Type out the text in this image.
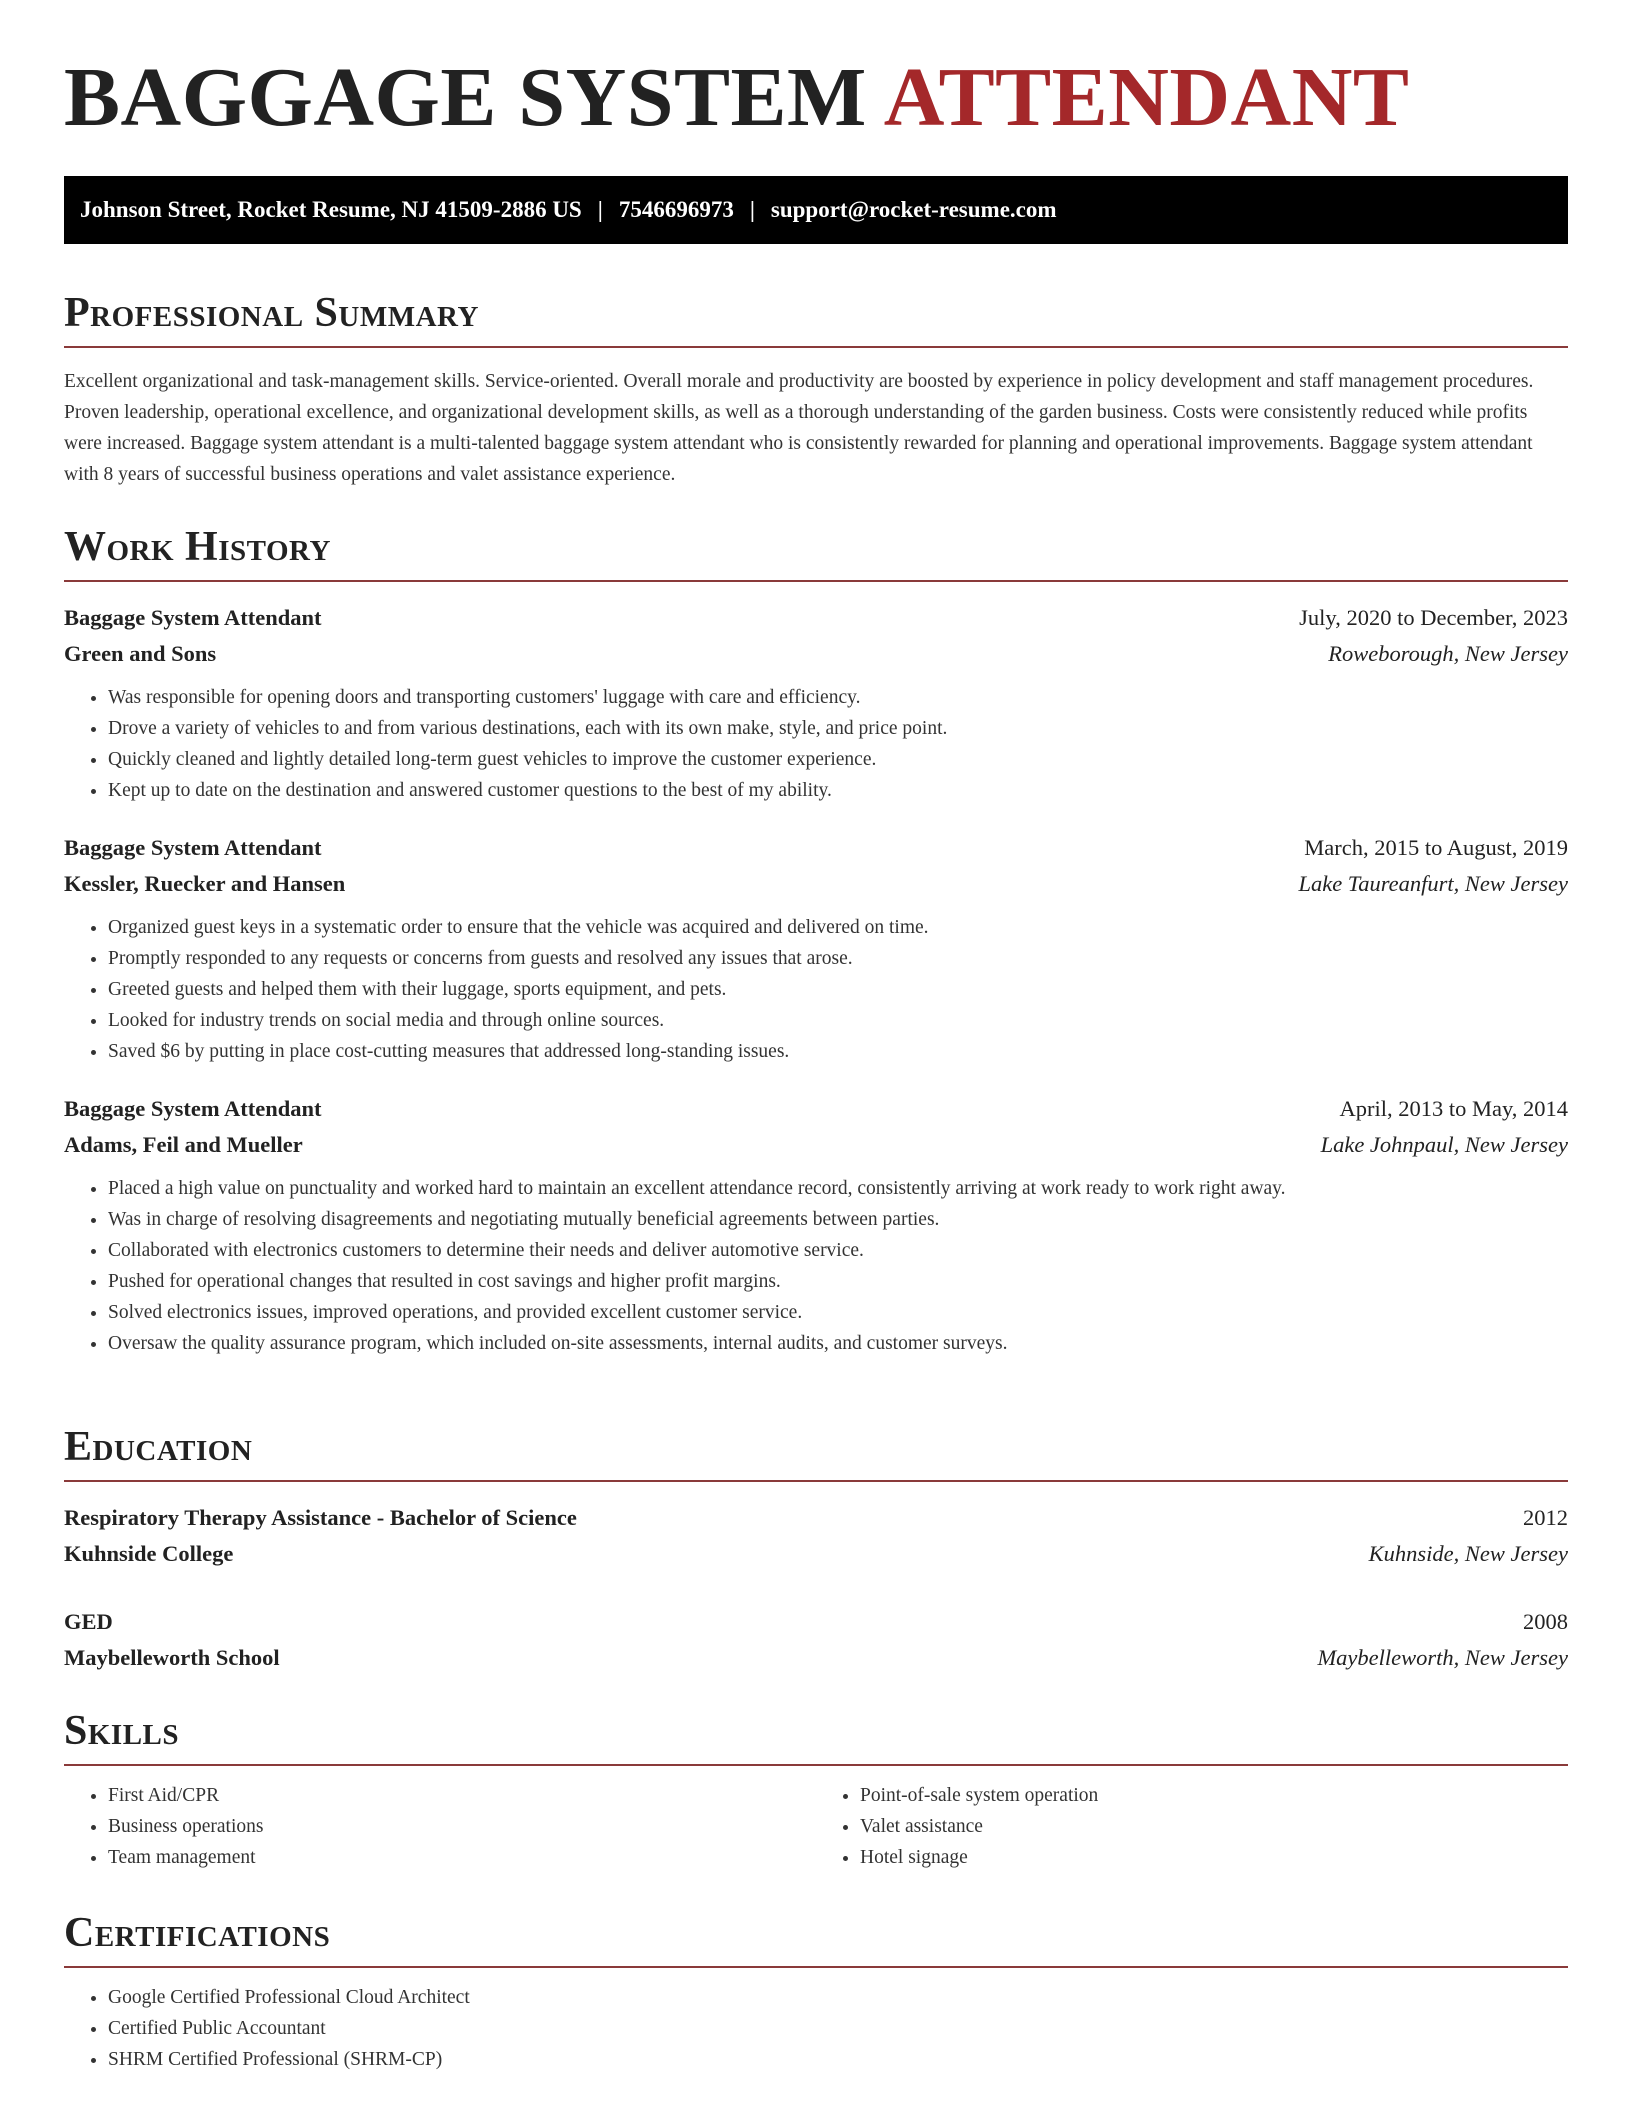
BAGGAGE SYSTEM ATTENDANT
Johnson Street, Rocket Resume, NJ 41509-2886 US | 7546696973 | support@rocket-resume.com
Professional Summary

Excellent organizational and task-management skills. Service-oriented. Overall morale and productivity are boosted by experience in policy development and staff management procedures. Proven leadership, operational excellence, and organizational development skills, as well as a thorough understanding of the garden business. Costs were consistently reduced while profits were increased. Baggage system attendant is a multi-talented baggage system attendant who is consistently rewarded for planning and operational improvements. Baggage system attendant with 8 years of successful business operations and valet assistance experience.

Work History
Baggage System Attendant	July, 2020 to December, 2023
Green and Sons	Roweborough, New Jersey
• Was responsible for opening doors and transporting customers' luggage with care and efficiency.
• Drove a variety of vehicles to and from various destinations, each with its own make, style, and price point.
• Quickly cleaned and lightly detailed long-term guest vehicles to improve the customer experience.
• Kept up to date on the destination and answered customer questions to the best of my ability.
Baggage System Attendant	March, 2015 to August, 2019
Kessler, Ruecker and Hansen	Lake Taureanfurt, New Jersey
• Organized guest keys in a systematic order to ensure that the vehicle was acquired and delivered on time.
• Promptly responded to any requests or concerns from guests and resolved any issues that arose.
• Greeted guests and helped them with their luggage, sports equipment, and pets.
• Looked for industry trends on social media and through online sources.
• Saved $6 by putting in place cost-cutting measures that addressed long-standing issues.
Baggage System Attendant	April, 2013 to May, 2014
Adams, Feil and Mueller	Lake Johnpaul, New Jersey
• Placed a high value on punctuality and worked hard to maintain an excellent attendance record, consistently arriving at work ready to work right away.
• Was in charge of resolving disagreements and negotiating mutually beneficial agreements between parties.
• Collaborated with electronics customers to determine their needs and deliver automotive service.
• Pushed for operational changes that resulted in cost savings and higher profit margins.
• Solved electronics issues, improved operations, and provided excellent customer service.
• Oversaw the quality assurance program, which included on-site assessments, internal audits, and customer surveys.
Education
Respiratory Therapy Assistance - Bachelor of Science	2012
Kuhnside College	Kuhnside, New Jersey
GED	2008
Maybelleworth School	Maybelleworth, New Jersey
Skills
• First Aid/CPR
• Business operations
• Team management
• Point-of-sale system operation
• Valet assistance
• Hotel signage
Certifications
• Google Certified Professional Cloud Architect
• Certified Public Accountant
• SHRM Certified Professional (SHRM-CP)
